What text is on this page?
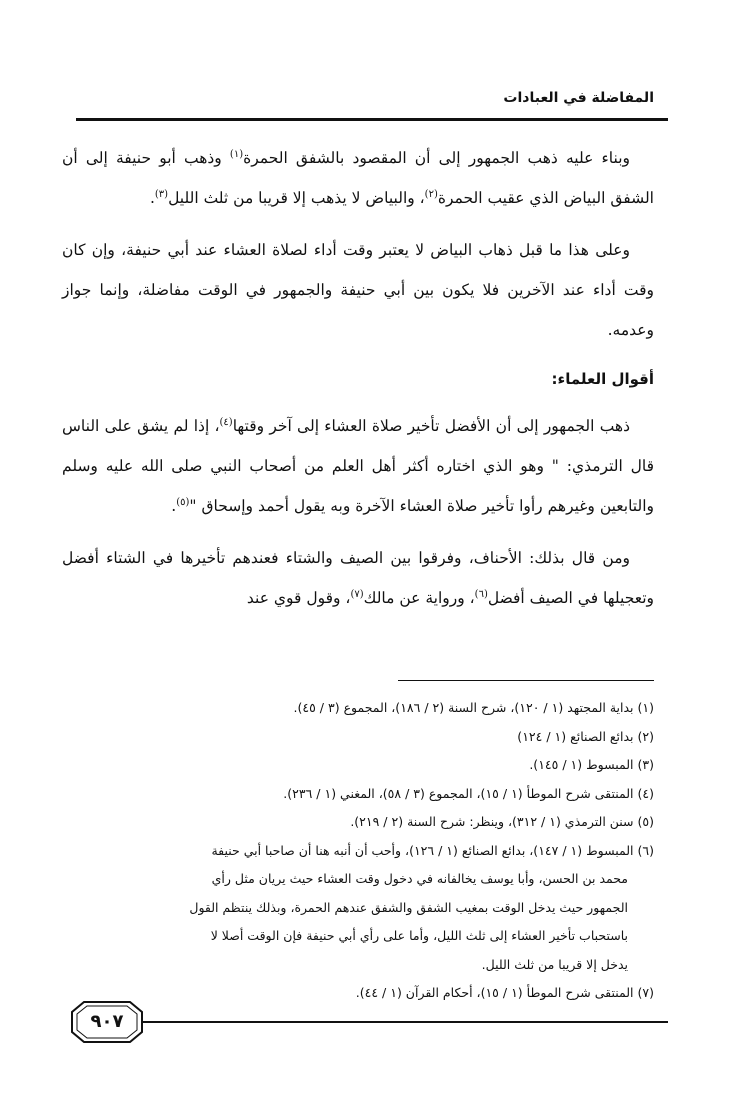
المفاضلة في العبادات

وبناء عليه ذهب الجمهور إلى أن المقصود بالشفق الحمرة$^{(١)}$ وذهب أبو حنيفة إلى أن الشفق البياض الذي عقيب الحمرة$^{(٢)}$، والبياض لا يذهب إلا قريبا من ثلث الليل$^{(٣)}$.

وعلى هذا ما قبل ذهاب البياض لا يعتبر وقت أداء لصلاة العشاء عند أبي حنيفة، وإن كان وقت أداء عند الآخرين فلا يكون بين أبي حنيفة والجمهور في الوقت مفاضلة، وإنما جواز وعدمه.

أقوال العلماء:

ذهب الجمهور إلى أن الأفضل تأخير صلاة العشاء إلى آخر وقتها$^{(٤)}$، إذا لم يشق على الناس قال الترمذي: " وهو الذي اختاره أكثر أهل العلم من أصحاب النبي صلى الله عليه وسلم والتابعين وغيرهم رأوا تأخير صلاة العشاء الآخرة وبه يقول أحمد وإسحاق "$^{(٥)}$.

ومن قال بذلك: الأحناف، وفرقوا بين الصيف والشتاء فعندهم تأخيرها في الشتاء أفضل وتعجيلها في الصيف أفضل$^{(٦)}$، ورواية عن مالك$^{(٧)}$، وقول قوي عند

(١) بداية المجتهد (١ / ١٢٠)، شرح السنة (٢ / ١٨٦)، المجموع (٣ / ٤٥).
(٢) بدائع الصنائع (١ / ١٢٤)
(٣) المبسوط (١ / ١٤٥).
(٤) المنتقى شرح الموطأ (١ / ١٥)، المجموع (٣ / ٥٨)، المغني (١ / ٢٣٦).
(٥) سنن الترمذي (١ / ٣١٢)، وينظر: شرح السنة (٢ / ٢١٩).
(٦) المبسوط (١ / ١٤٧)، بدائع الصنائع (١ / ١٢٦)، وأحب أن أنبه هنا أن صاحبا أبي حنيفة
محمد بن الحسن، وأبا يوسف يخالفانه في دخول وقت العشاء حيث يريان مثل رأي
الجمهور حيث يدخل الوقت بمغيب الشفق والشفق عندهم الحمرة، وبذلك ينتظم القول
باستحباب تأخير العشاء إلى ثلث الليل، وأما على رأي أبي حنيفة فإن الوقت أصلا لا
يدخل إلا قريبا من ثلث الليل.
(٧) المنتقى شرح الموطأ (١ / ١٥)، أحكام القرآن (١ / ٤٤).
٩٠٧
